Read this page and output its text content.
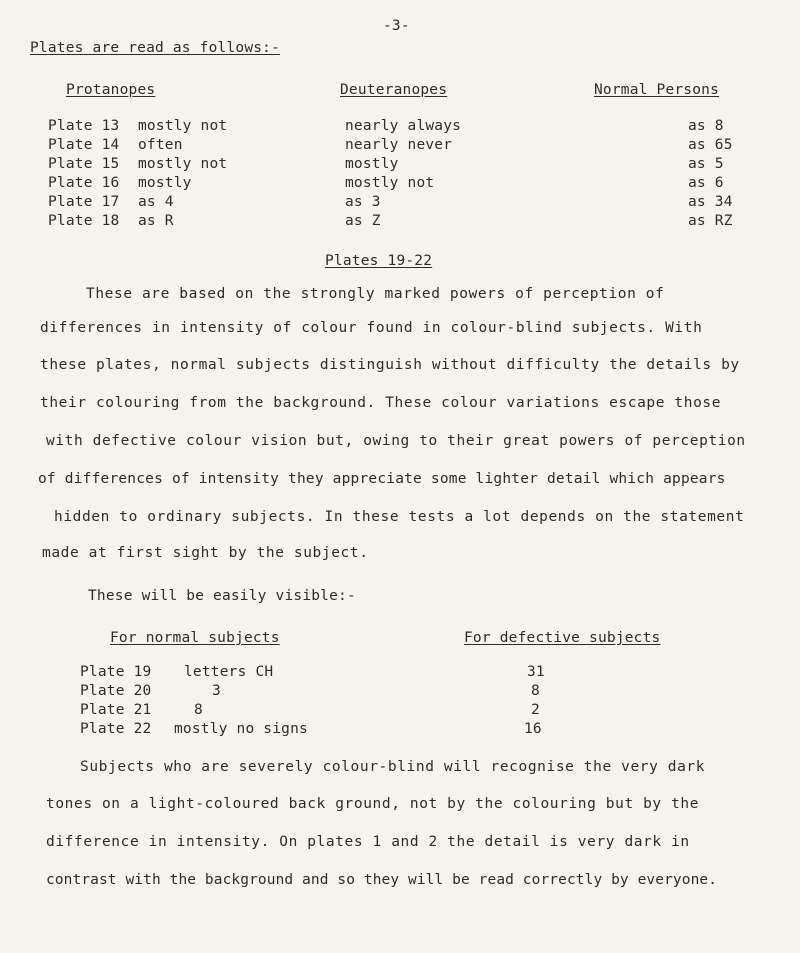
-3-
Plates are read as follows:-
Protanopes	Deuteranopes	Normal Persons
Plate 13 mostly not	nearly always	as 8
Plate 14 often	nearly never	as 65
Plate 15 mostly not	mostly	as 5
Plate 16 mostly	mostly not	as 6
Plate 17 as 4	as 3	as 34
Plate 18 as R	as Z	as RZ
Plates 19-22
These are based on the strongly marked powers of perception of
differences in intensity of colour found in colour-blind subjects. With
these plates, normal subjects distinguish without difficulty the details by
their colouring from the background. These colour variations escape those
with defective colour vision but, owing to their great powers of perception
of differences of intensity they appreciate some lighter detail which appears
hidden to ordinary subjects. In these tests a lot depends on the statement
made at first sight by the subject.
These will be easily visible:-
For normal subjects	For defective subjects
Plate 19 letters CH	31
Plate 20	3	8
Plate 21	8	2
Plate 22 mostly no signs	16
Subjects who are severely colour-blind will recognise the very dark
tones on a light-coloured back ground, not by the colouring but by the
difference in intensity. On plates 1 and 2 the detail is very dark in
contrast with the background and so they will be read correctly by everyone.
